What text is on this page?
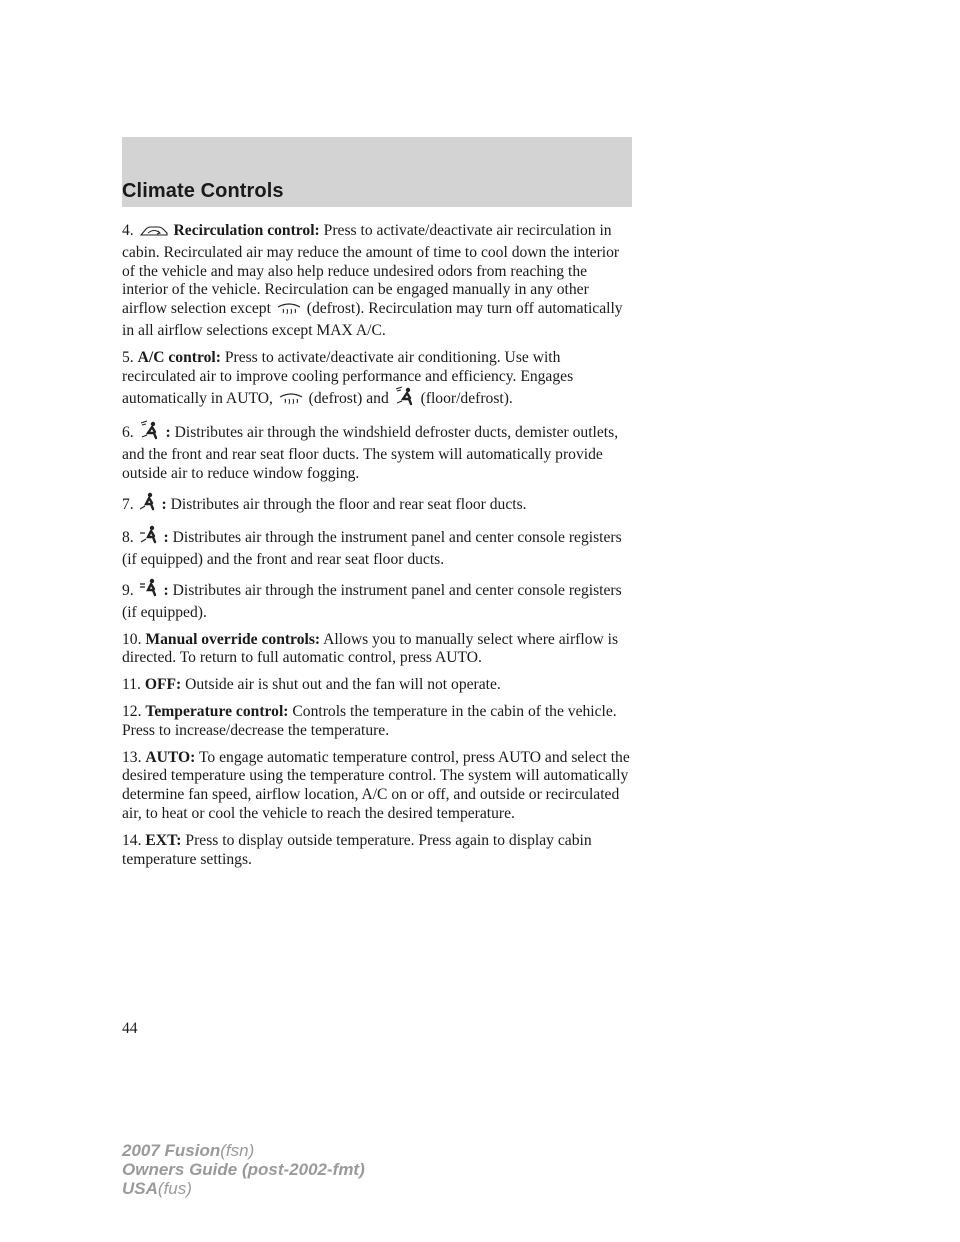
Climate Controls

4.	Recirculation control: Press to activate/deactivate air recirculation in cabin. Recirculated air may reduce the amount of time to cool down the interior of the vehicle and may also help reduce undesired odors from reaching the interior of the vehicle. Recirculation can be engaged manually in any other airflow selection except (defrost). Recirculation may turn off automatically in all airflow selections except MAX A/C.

5. A/C control: Press to activate/deactivate air conditioning. Use with recirculated air to improve cooling performance and efficiency. Engages automatically in AUTO, (defrost) and (floor/defrost).

6. : Distributes air through the windshield defroster ducts, demister outlets, and the front and rear seat floor ducts. The system will automatically provide outside air to reduce window fogging.

7. : Distributes air through the floor and rear seat floor ducts.

8. : Distributes air through the instrument panel and center console registers (if equipped) and the front and rear seat floor ducts.

9. : Distributes air through the instrument panel and center console registers (if equipped).

10. Manual override controls: Allows you to manually select where airflow is directed. To return to full automatic control, press AUTO.

11. OFF: Outside air is shut out and the fan will not operate.

12. Temperature control: Controls the temperature in the cabin of the vehicle. Press to increase/decrease the temperature.

13. AUTO: To engage automatic temperature control, press AUTO and select the desired temperature using the temperature control. The system will automatically determine fan speed, airflow location, A/C on or off, and outside or recirculated air, to heat or cool the vehicle to reach the desired temperature.

14. EXT: Press to display outside temperature. Press again to display cabin temperature settings.

44
2007 Fusion(fsn)
Owners Guide (post-2002-fmt)
USA(fus)
